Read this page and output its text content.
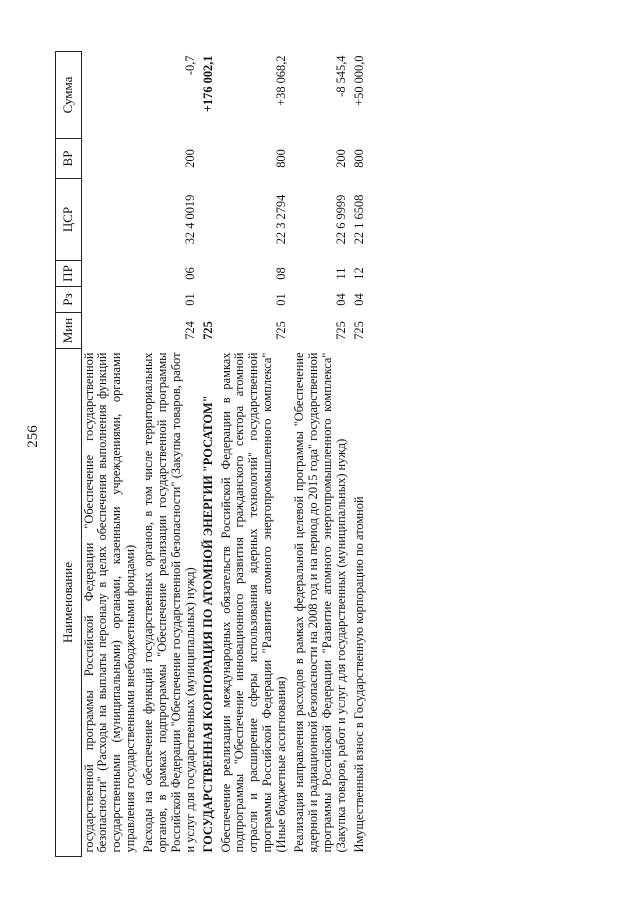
256
Наименование	Мин	Рз	ПР	ЦСР	ВР	Сумма
государственной программы Российской Федерации "Обеспечение государственной безопасности" (Расходы на выплаты персоналу в целях обеспечения выполнения функций государственными (муниципальными) органами, казенными учреждениями, органами управления государственными внебюджетными фондами)						
Расходы на обеспечение функций государственных органов, в том числе территориальных органов, в рамках подпрограммы "Обеспечение реализации государственной программы Российской Федерации "Обеспечение государственной безопасности" (Закупка товаров, работ и услуг для государственных (муниципальных) нужд)	724	01	06	32 4 0019	200	-0,7
ГОСУДАРСТВЕННАЯ КОРПОРАЦИЯ ПО АТОМНОЙ ЭНЕРГИИ "РОСАТОМ"	725					+176 002,1
Обеспечение реализации международных обязательств Российской Федерации в рамках подпрограммы "Обеспечение инновационного развития гражданского сектора атомной отрасли и расширение сферы использования ядерных технологий" государственной программы Российской Федерации "Развитие атомного энергопромышленного комплекса" (Иные бюджетные ассигнования)	725	01	08	22 3 2794	800	+38 068,2
Реализация направления расходов в рамках федеральной целевой программы "Обеспечение ядерной и радиационной безопасности на 2008 год и на период до 2015 года" государственной программы Российской Федерации "Развитие атомного энергопромышленного комплекса" (Закупка товаров, работ и услуг для государственных (муниципальных) нужд)	725	04	11	22 6 9999	200	-8 545,4
Имущественный взнос в Государственную корпорацию по атомной	725	04	12	22 1 6508	800	+50 000,0
